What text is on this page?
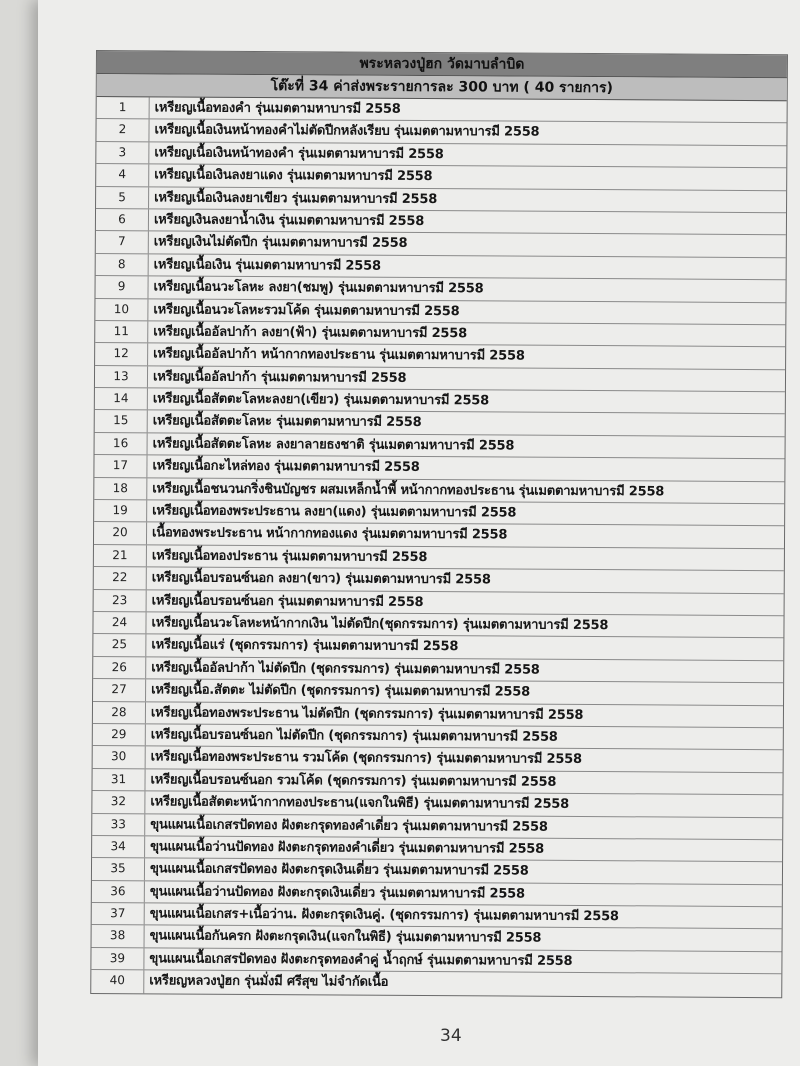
พระหลวงปู่ฮก วัดมาบลำบิด
โต๊ะที่ 34 ค่าส่งพระรายการละ 300 บาท ( 40 รายการ)
1	เหรียญเนื้อทองคำ รุ่นเมตตามหาบารมี 2558
2	เหรียญเนื้อเงินหน้าทองคำไม่ตัดปีกหลังเรียบ รุ่นเมตตามหาบารมี 2558
3	เหรียญเนื้อเงินหน้าทองคำ รุ่นเมตตามหาบารมี 2558
4	เหรียญเนื้อเงินลงยาแดง รุ่นเมตตามหาบารมี 2558
5	เหรียญเนื้อเงินลงยาเขียว รุ่นเมตตามหาบารมี 2558
6	เหรียญเงินลงยาน้ำเงิน รุ่นเมตตามหาบารมี 2558
7	เหรียญเงินไม่ตัดปีก รุ่นเมตตามหาบารมี 2558
8	เหรียญเนื้อเงิน รุ่นเมตตามหาบารมี 2558
9	เหรียญเนื้อนวะโลหะ ลงยา(ชมพู) รุ่นเมตตามหาบารมี 2558
10	เหรียญเนื้อนวะโลหะรวมโค้ด รุ่นเมตตามหาบารมี 2558
11	เหรียญเนื้ออัลปาก้า ลงยา(ฟ้า) รุ่นเมตตามหาบารมี 2558
12	เหรียญเนื้ออัลปาก้า หน้ากากทองประธาน รุ่นเมตตามหาบารมี 2558
13	เหรียญเนื้ออัลปาก้า รุ่นเมตตามหาบารมี 2558
14	เหรียญเนื้อสัตตะโลหะลงยา(เขียว) รุ่นเมตตามหาบารมี 2558
15	เหรียญเนื้อสัตตะโลหะ รุ่นเมตตามหาบารมี 2558
16	เหรียญเนื้อสัตตะโลหะ ลงยาลายธงชาติ รุ่นเมตตามหาบารมี 2558
17	เหรียญเนื้อกะไหล่ทอง รุ่นเมตตามหาบารมี 2558
18	เหรียญเนื้อชนวนกริ่งชินบัญชร ผสมเหล็กน้ำพี้ หน้ากากทองประธาน รุ่นเมตตามหาบารมี 2558
19	เหรียญเนื้อทองพระประธาน ลงยา(แดง) รุ่นเมตตามหาบารมี 2558
20	เนื้อทองพระประธาน หน้ากากทองแดง รุ่นเมตตามหาบารมี 2558
21	เหรียญเนื้อทองประธาน รุ่นเมตตามหาบารมี 2558
22	เหรียญเนื้อบรอนซ์นอก ลงยา(ขาว) รุ่นเมตตามหาบารมี 2558
23	เหรียญเนื้อบรอนซ์นอก รุ่นเมตตามหาบารมี 2558
24	เหรียญเนื้อนวะโลหะหน้ากากเงิน ไม่ตัดปีก(ชุดกรรมการ) รุ่นเมตตามหาบารมี 2558
25	เหรียญเนื้อแร่ (ชุดกรรมการ) รุ่นเมตตามหาบารมี 2558
26	เหรียญเนื้ออัลปาก้า ไม่ตัดปีก (ชุดกรรมการ) รุ่นเมตตามหาบารมี 2558
27	เหรียญเนื้อ.สัตตะ ไม่ตัดปีก (ชุดกรรมการ) รุ่นเมตตามหาบารมี 2558
28	เหรียญเนื้อทองพระประธาน ไม่ตัดปีก (ชุดกรรมการ) รุ่นเมตตามหาบารมี 2558
29	เหรียญเนื้อบรอนซ์นอก ไม่ตัดปีก (ชุดกรรมการ) รุ่นเมตตามหาบารมี 2558
30	เหรียญเนื้อทองพระประธาน รวมโค้ด (ชุดกรรมการ) รุ่นเมตตามหาบารมี 2558
31	เหรียญเนื้อบรอนซ์นอก รวมโค้ด (ชุดกรรมการ) รุ่นเมตตามหาบารมี 2558
32	เหรียญเนื้อสัตตะหน้ากากทองประธาน(แจกในพิธี) รุ่นเมตตามหาบารมี 2558
33	ขุนแผนเนื้อเกสรปัดทอง ฝังตะกรุดทองคำเดี่ยว รุ่นเมตตามหาบารมี 2558
34	ขุนแผนเนื้อว่านปัดทอง ฝังตะกรุดทองคำเดี่ยว รุ่นเมตตามหาบารมี 2558
35	ขุนแผนเนื้อเกสรปัดทอง ฝังตะกรุดเงินเดี่ยว รุ่นเมตตามหาบารมี 2558
36	ขุนแผนเนื้อว่านปัดทอง ฝังตะกรุดเงินเดี่ยว รุ่นเมตตามหาบารมี 2558
37	ขุนแผนเนื้อเกสร+เนื้อว่าน. ฝังตะกรุดเงินคู่. (ชุดกรรมการ) รุ่นเมตตามหาบารมี 2558
38	ขุนแผนเนื้อกันครก ฝังตะกรุดเงิน(แจกในพิธี) รุ่นเมตตามหาบารมี 2558
39	ขุนแผนเนื้อเกสรปัดทอง ฝังตะกรุดทองคำคู่ น้ำฤกษ์ รุ่นเมตตามหาบารมี 2558
40	เหรียญหลวงปู่ฮก รุ่นมั่งมี ศรีสุข ไม่จำกัดเนื้อ
34
